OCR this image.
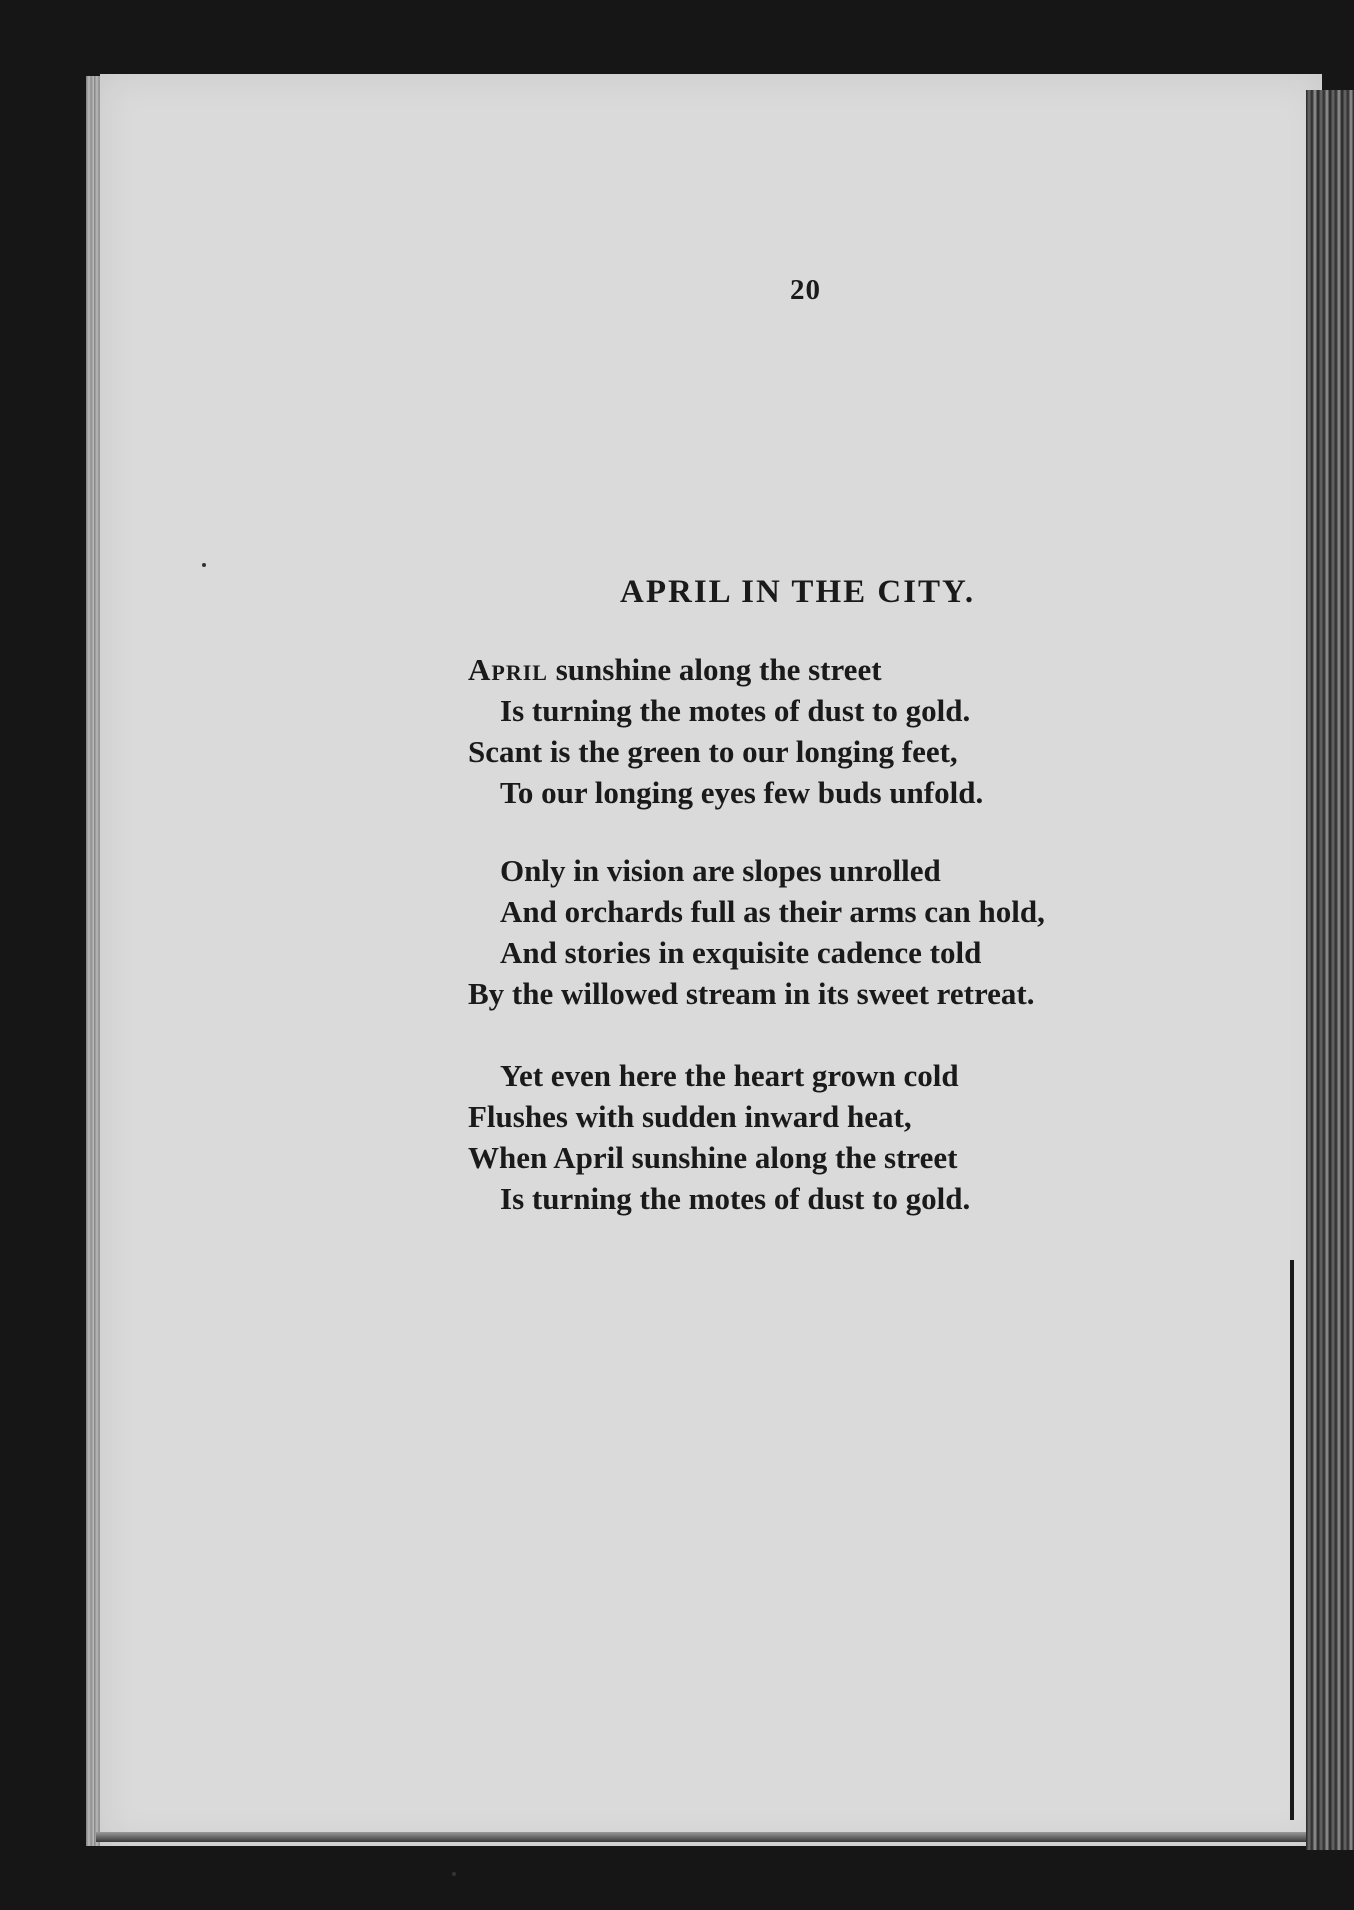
20
APRIL IN THE CITY.
April sunshine along the street
Is turning the motes of dust to gold.
Scant is the green to our longing feet,
To our longing eyes few buds unfold.
Only in vision are slopes unrolled
And orchards full as their arms can hold,
And stories in exquisite cadence told
By the willowed stream in its sweet retreat.
Yet even here the heart grown cold
Flushes with sudden inward heat,
When April sunshine along the street
Is turning the motes of dust to gold.
